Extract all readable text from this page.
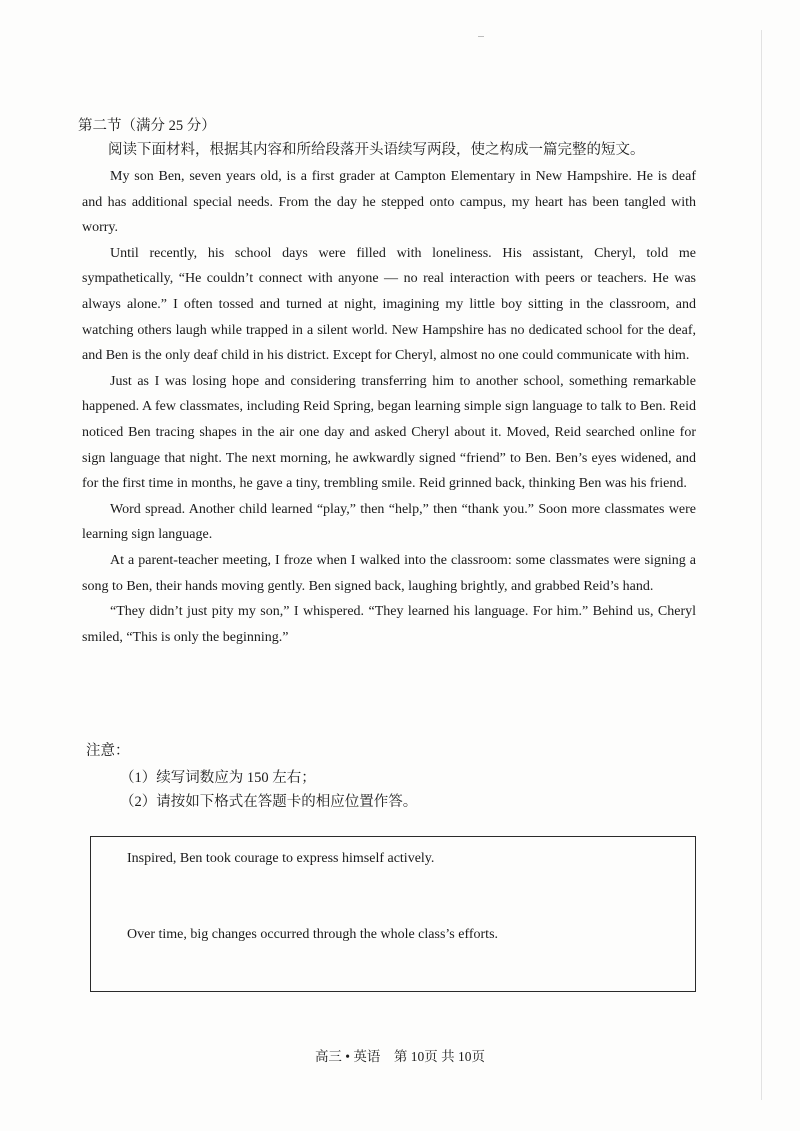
第二节（满分 25 分）
阅读下面材料，根据其内容和所给段落开头语续写两段，使之构成一篇完整的短文。

My son Ben, seven years old, is a first grader at Campton Elementary in New Hampshire. He is deaf and has additional special needs. From the day he stepped onto campus, my heart has been tangled with worry.

Until recently, his school days were filled with loneliness. His assistant, Cheryl, told me sympathetically, “He couldn’t connect with anyone — no real interaction with peers or teachers. He was always alone.” I often tossed and turned at night, imagining my little boy sitting in the classroom, and watching others laugh while trapped in a silent world. New Hampshire has no dedicated school for the deaf, and Ben is the only deaf child in his district. Except for Cheryl, almost no one could communicate with him.

Just as I was losing hope and considering transferring him to another school, something remarkable happened. A few classmates, including Reid Spring, began learning simple sign language to talk to Ben. Reid noticed Ben tracing shapes in the air one day and asked Cheryl about it. Moved, Reid searched online for sign language that night. The next morning, he awkwardly signed “friend” to Ben. Ben’s eyes widened, and for the first time in months, he gave a tiny, trembling smile. Reid grinned back, thinking Ben was his friend.

Word spread. Another child learned “play,” then “help,” then “thank you.” Soon more classmates were learning sign language.

At a parent-teacher meeting, I froze when I walked into the classroom: some classmates were signing a song to Ben, their hands moving gently. Ben signed back, laughing brightly, and grabbed Reid’s hand.

“They didn’t just pity my son,” I whispered. “They learned his language. For him.” Behind us, Cheryl smiled, “This is only the beginning.”

注意：
（1）续写词数应为 150 左右；
（2）请按如下格式在答题卡的相应位置作答。
Inspired, Ben took courage to express himself actively.
Over time, big changes occurred through the whole class’s efforts.
高三 • 英语　第 10页 共 10页
